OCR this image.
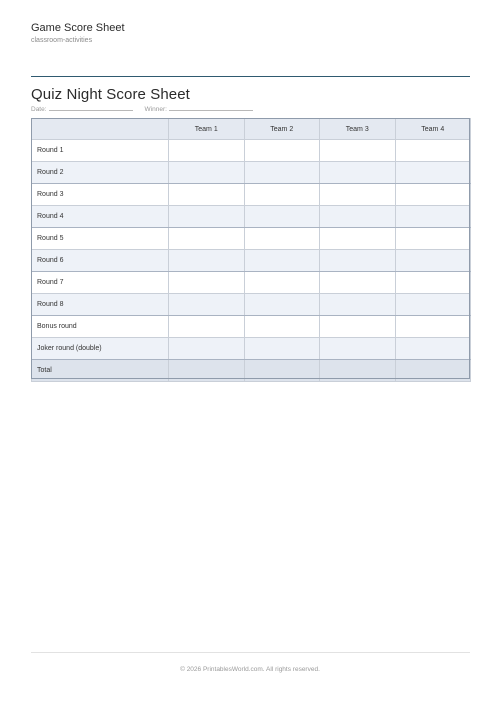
Game Score Sheet
classroom-activities
Quiz Night Score Sheet
Date:	Winner:
	Team 1	Team 2	Team 3	Team 4
Round 1				
Round 2				
Round 3				
Round 4				
Round 5				
Round 6				
Round 7				
Round 8				
Bonus round				
Joker round (double)				
Total				
© 2026 PrintablesWorld.com. All rights reserved.
